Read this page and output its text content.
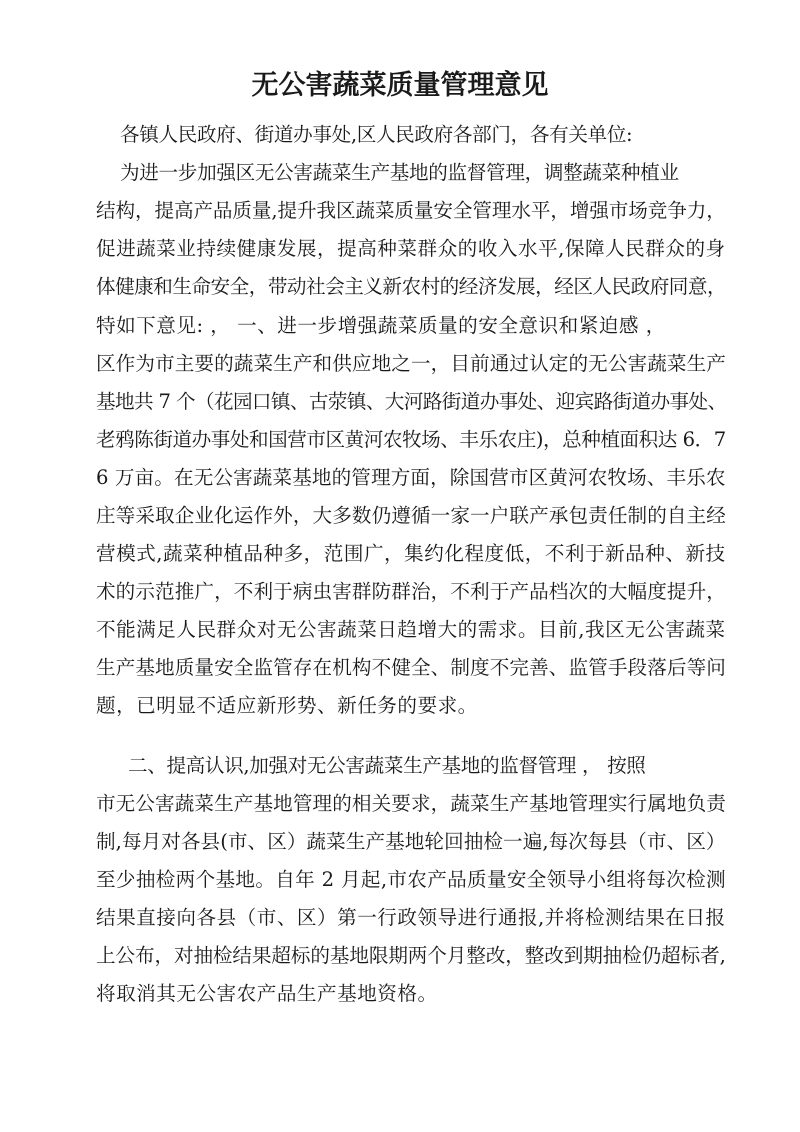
无公害蔬菜质量管理意见
各镇人民政府、街道办事处,区人民政府各部门，各有关单位:
为进一步加强区无公害蔬菜生产基地的监督管理，调整蔬菜种植业
结构，提高产品质量,提升我区蔬菜质量安全管理水平，增强市场竞争力，
促进蔬菜业持续健康发展，提高种菜群众的收入水平,保障人民群众的身
体健康和生命安全，带动社会主义新农村的经济发展，经区人民政府同意，
特如下意见: ， 一、进一步增强蔬菜质量的安全意识和紧迫感 ，
区作为市主要的蔬菜生产和供应地之一，目前通过认定的无公害蔬菜生产
基地共 7 个（花园口镇、古荥镇、大河路街道办事处、迎宾路街道办事处、
老鸦陈街道办事处和国营市区黄河农牧场、丰乐农庄)，总种植面积达 6．7
6 万亩。在无公害蔬菜基地的管理方面，除国营市区黄河农牧场、丰乐农
庄等采取企业化运作外，大多数仍遵循一家一户联产承包责任制的自主经
营模式,蔬菜种植品种多，范围广，集约化程度低，不利于新品种、新技
术的示范推广，不利于病虫害群防群治，不利于产品档次的大幅度提升，
不能满足人民群众对无公害蔬菜日趋增大的需求。目前,我区无公害蔬菜
生产基地质量安全监管存在机构不健全、制度不完善、监管手段落后等问
题，已明显不适应新形势、新任务的要求。
二、提高认识,加强对无公害蔬菜生产基地的监督管理 ， 按照
市无公害蔬菜生产基地管理的相关要求，蔬菜生产基地管理实行属地负责
制,每月对各县(市、区）蔬菜生产基地轮回抽检一遍,每次每县（市、区）
至少抽检两个基地。自年 2 月起,市农产品质量安全领导小组将每次检测
结果直接向各县（市、区）第一行政领导进行通报,并将检测结果在日报
上公布，对抽检结果超标的基地限期两个月整改，整改到期抽检仍超标者,
将取消其无公害农产品生产基地资格。
